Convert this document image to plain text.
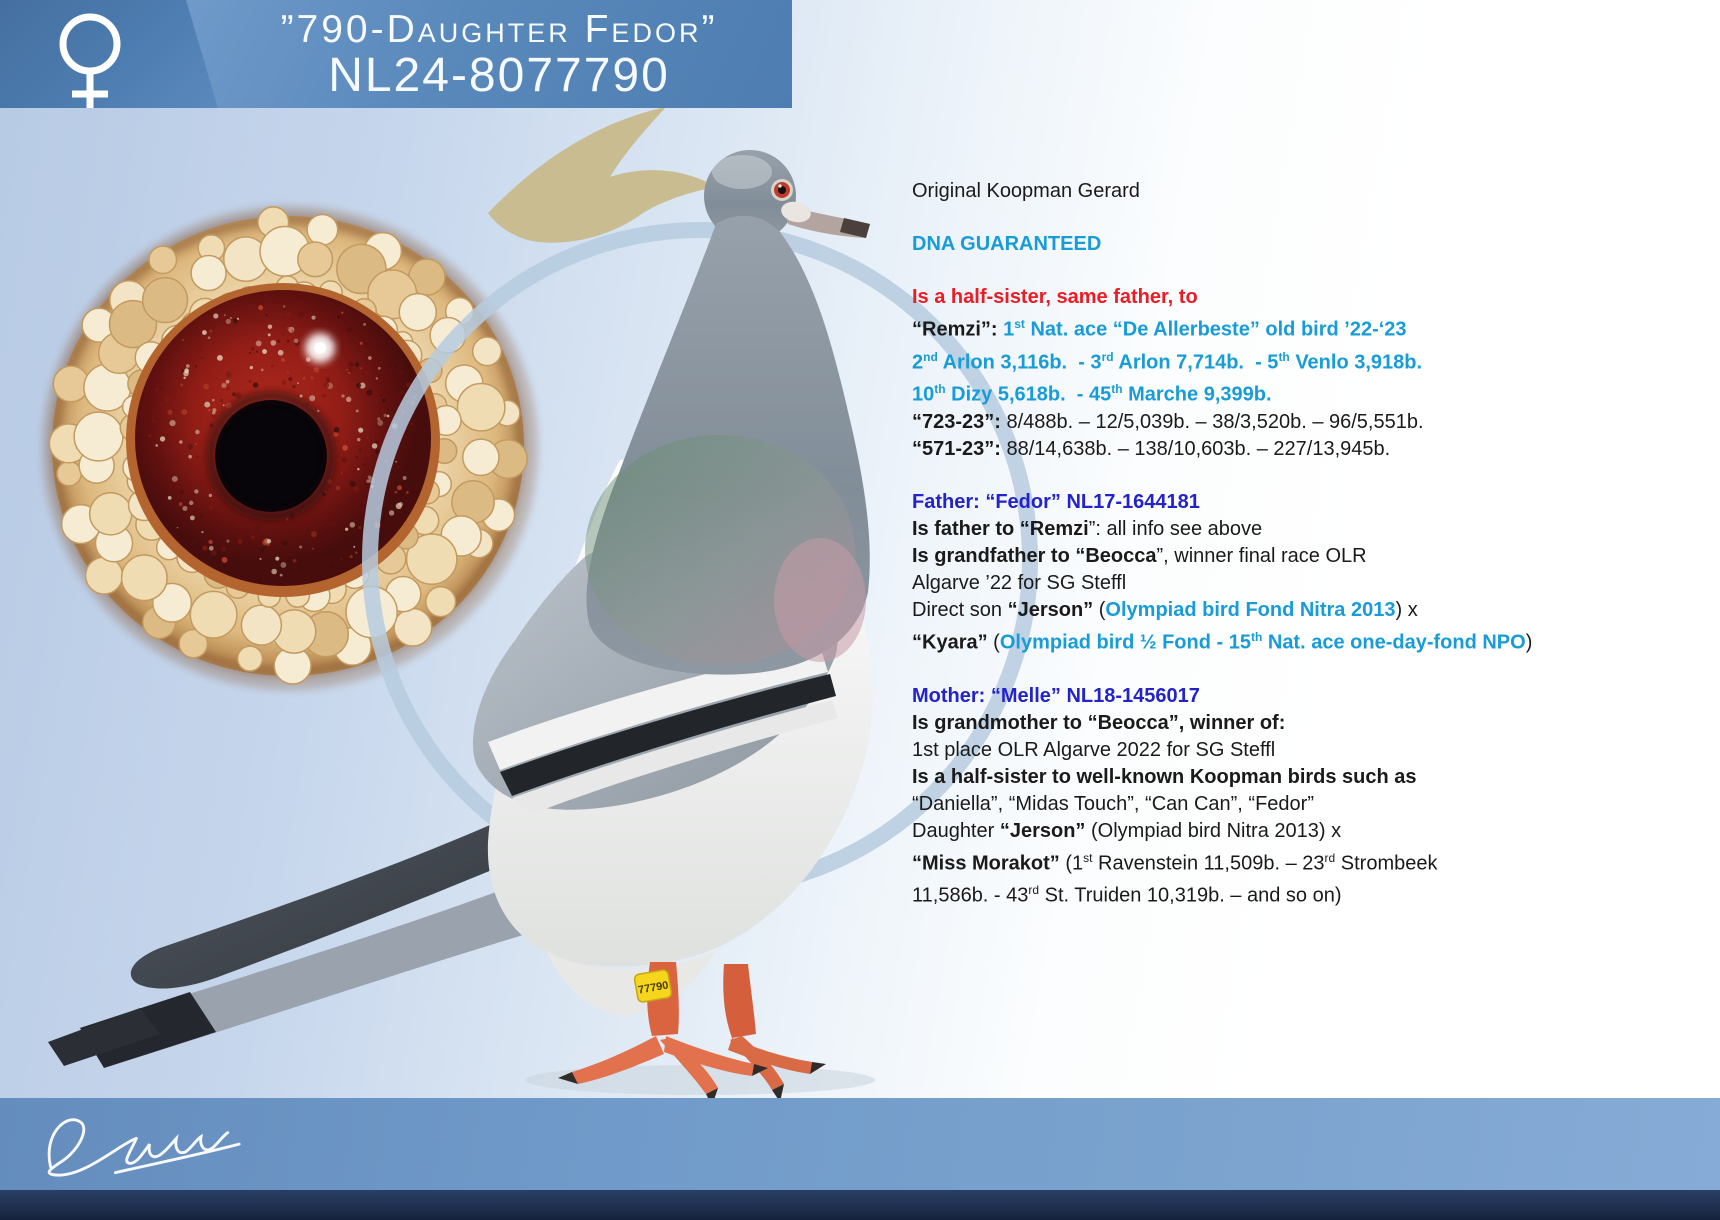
77790
”790-Daughter Fedor”
NL24-8077790
Original Koopman Gerard
DNA GUARANTEED
Is a half-sister, same father, to
“Remzi”: 1st Nat. ace “De Allerbeste” old bird ’22-‘23
2nd Arlon 3,116b.  - 3rd Arlon 7,714b.  - 5th Venlo 3,918b.
10th Dizy 5,618b.  - 45th Marche 9,399b.
“723-23”: 8/488b. – 12/5,039b. – 38/3,520b. – 96/5,551b.
“571-23”: 88/14,638b. – 138/10,603b. – 227/13,945b.
Father: “Fedor” NL17-1644181
Is father to “Remzi”: all info see above
Is grandfather to “Beocca”, winner final race OLR
Algarve ’22 for SG Steffl
Direct son “Jerson” (Olympiad bird Fond Nitra 2013) x
“Kyara” (Olympiad bird ½ Fond - 15th Nat. ace one-day-fond NPO)
Mother: “Melle” NL18-1456017
Is grandmother to “Beocca”, winner of:
1st place OLR Algarve 2022 for SG Steffl
Is a half-sister to well-known Koopman birds such as
“Daniella”, “Midas Touch”, “Can Can”, “Fedor”
Daughter “Jerson” (Olympiad bird Nitra 2013) x
“Miss Morakot” (1st Ravenstein 11,509b. – 23rd Strombeek
11,586b. - 43rd St. Truiden 10,319b. – and so on)
